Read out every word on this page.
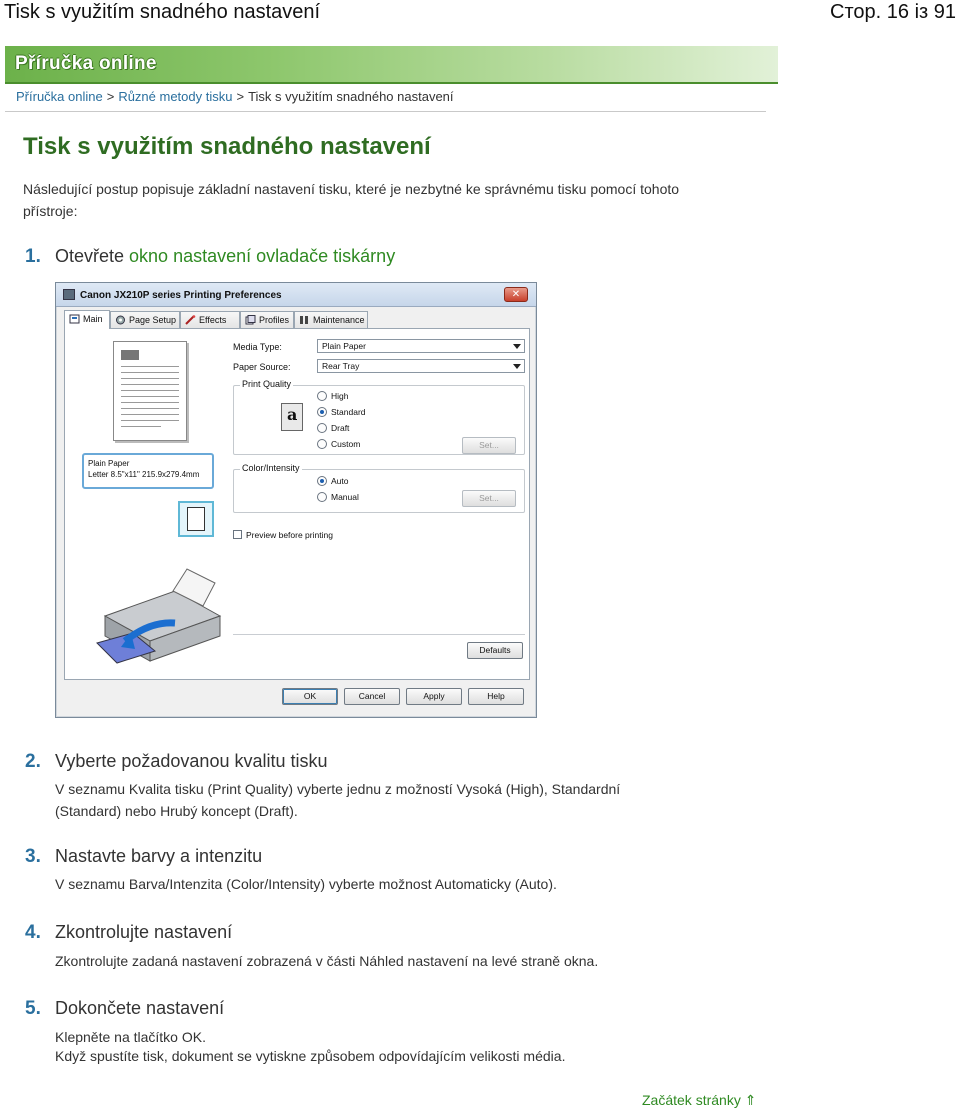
Tisk s využitím snadného nastavení	Стор. 16 із 91
Příručka online
Příručka online > Různé metody tisku > Tisk s využitím snadného nastavení
Tisk s využitím snadného nastavení

Následující postup popisuje základní nastavení tisku, které je nezbytné ke správnému tisku pomocí tohoto přístroje:

1. Otevřete okno nastavení ovladače tiskárny
Canon JX210P series Printing Preferences	✕
Main	Page Setup	Effects	Profiles	Maintenance
Plain Paper
Letter 8.5"x11" 215.9x279.4mm
Media Type:	Plain Paper
Paper Source:	Rear Tray
Print Quality
a
High
Standard
Draft
Custom	Set...
Color/Intensity
Auto
Manual	Set...
Preview before printing
Defaults
OK	Cancel	Apply	Help
2. Vyberte požadovanou kvalitu tisku

V seznamu Kvalita tisku (Print Quality) vyberte jednu z možností Vysoká (High), Standardní (Standard) nebo Hrubý koncept (Draft).

3. Nastavte barvy a intenzitu

V seznamu Barva/Intenzita (Color/Intensity) vyberte možnost Automaticky (Auto).

4. Zkontrolujte nastavení

Zkontrolujte zadaná nastavení zobrazená v části Náhled nastavení na levé straně okna.

5. Dokončete nastavení

Klepněte na tlačítko OK.

Když spustíte tisk, dokument se vytiskne způsobem odpovídajícím velikosti média.

Začátek stránky ⇑
